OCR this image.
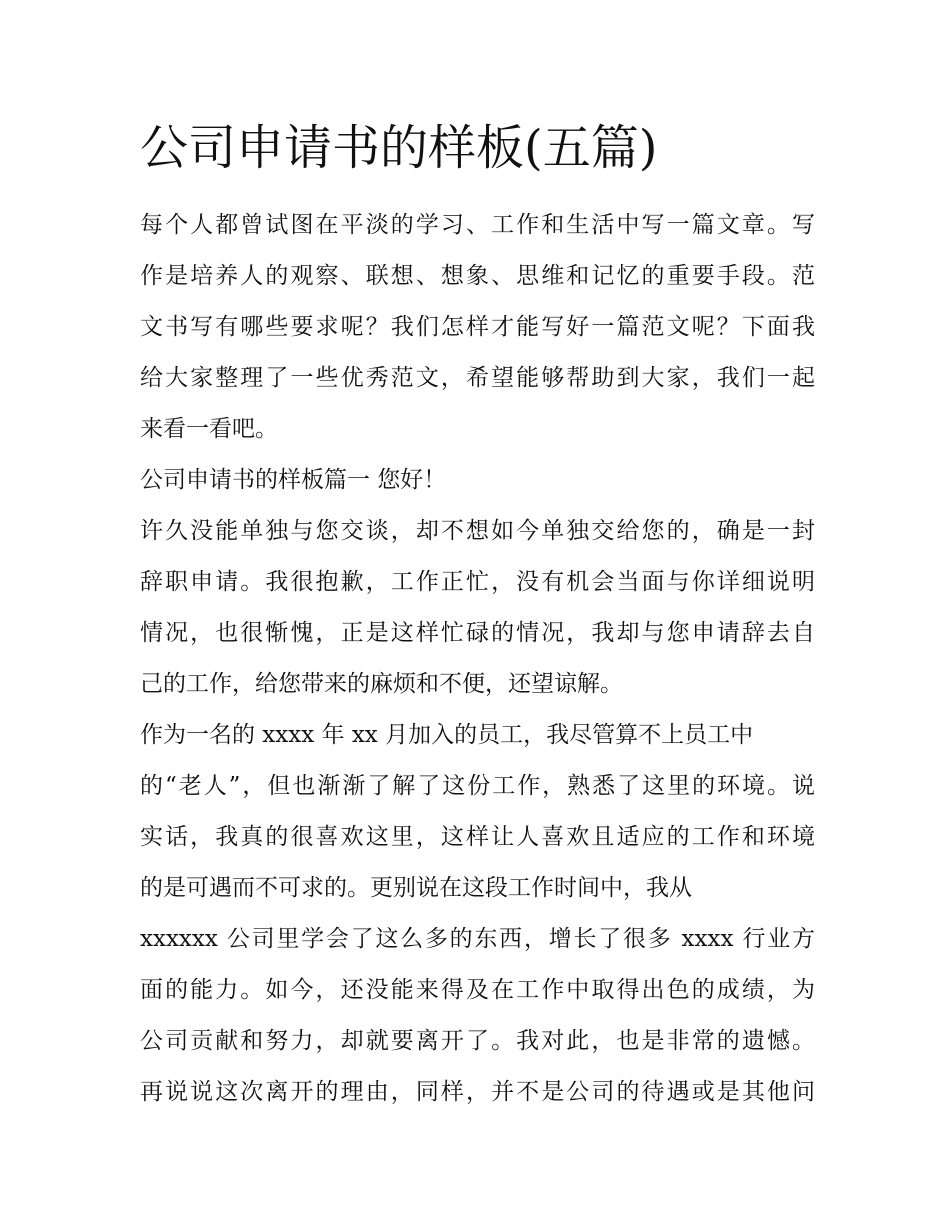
公司申请书的样板(五篇)
每个人都曾试图在平淡的学习、工作和生活中写一篇文章。写
作是培养人的观察、联想、想象、思维和记忆的重要手段。范
文书写有哪些要求呢？我们怎样才能写好一篇范文呢？下面我
给大家整理了一些优秀范文，希望能够帮助到大家，我们一起
来看一看吧。
公司申请书的样板篇一 您好！
许久没能单独与您交谈，却不想如今单独交给您的，确是一封
辞职申请。我很抱歉，工作正忙，没有机会当面与你详细说明
情况，也很惭愧，正是这样忙碌的情况，我却与您申请辞去自
己的工作，给您带来的麻烦和不便，还望谅解。
作为一名的 xxxx 年 xx 月加入的员工，我尽管算不上员工中
的“老人”，但也渐渐了解了这份工作，熟悉了这里的环境。说
实话，我真的很喜欢这里，这样让人喜欢且适应的工作和环境
的是可遇而不可求的。更别说在这段工作时间中，我从
xxxxxx 公司里学会了这么多的东西，增长了很多 xxxx 行业方
面的能力。如今，还没能来得及在工作中取得出色的成绩，为
公司贡献和努力，却就要离开了。我对此，也是非常的遗憾。
再说说这次离开的理由，同样，并不是公司的待遇或是其他问
